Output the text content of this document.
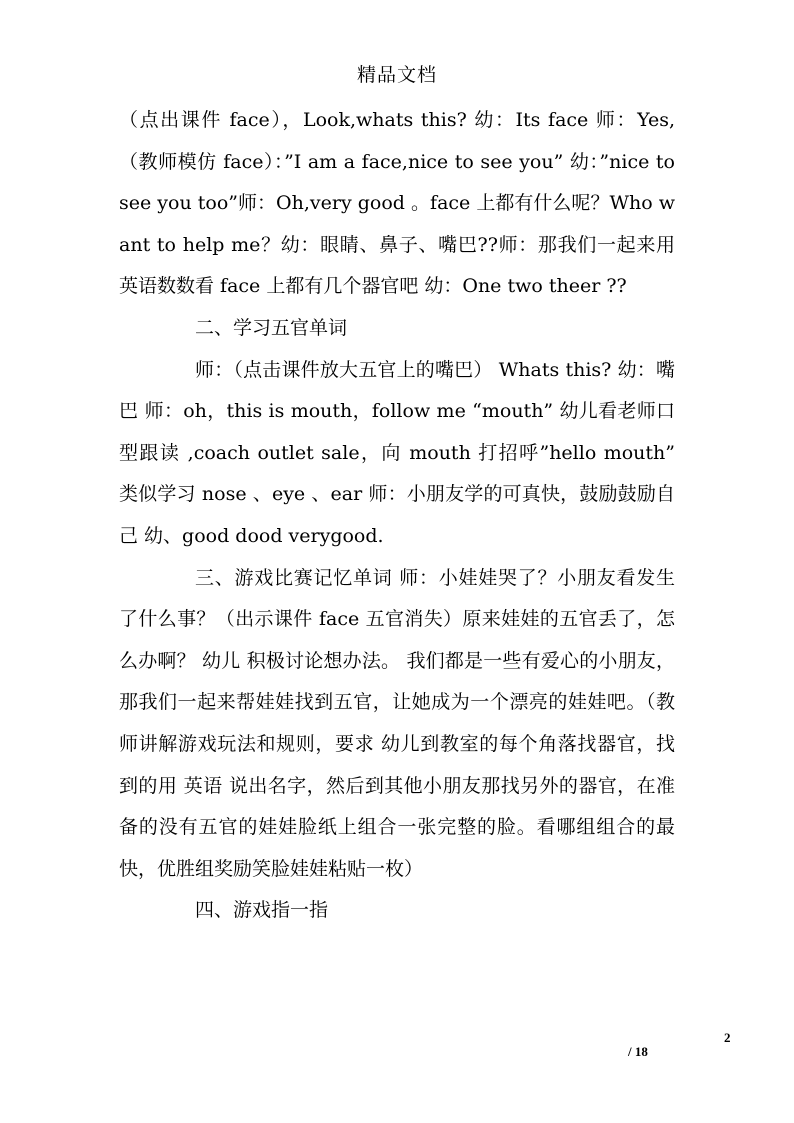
精品文档

（点出课件 face），Look,whats this? 幼：Its face 师：Yes,（教师模仿 face）：”I am a face,nice to see you” 幼：”nice to see you too”师：Oh,very good 。face 上都有什么呢？Who want to help me？幼：眼睛、鼻子、嘴巴??师：那我们一起来用英语数数看 face 上都有几个器官吧 幼：One two theer ??

二、学习五官单词

师：（点击课件放大五官上的嘴巴） Whats this? 幼：嘴巴 师：oh，this is mouth，follow me “mouth” 幼儿看老师口型跟读 ,coach outlet sale，向 mouth 打招呼”hello mouth” 类似学习 nose 、eye 、ear 师：小朋友学的可真快，鼓励鼓励自己 幼、good dood verygood.

三、游戏比赛记忆单词 师：小娃娃哭了？小朋友看发生了什么事？（出示课件 face 五官消失）原来娃娃的五官丢了，怎么办啊？ 幼儿 积极讨论想办法。 我们都是一些有爱心的小朋友，那我们一起来帮娃娃找到五官，让她成为一个漂亮的娃娃吧。（教师讲解游戏玩法和规则，要求 幼儿到教室的每个角落找器官，找到的用 英语 说出名字，然后到其他小朋友那找另外的器官，在准备的没有五官的娃娃脸纸上组合一张完整的脸。看哪组组合的最快，优胜组奖励笑脸娃娃粘贴一枚）

四、游戏指一指

2
/ 18
